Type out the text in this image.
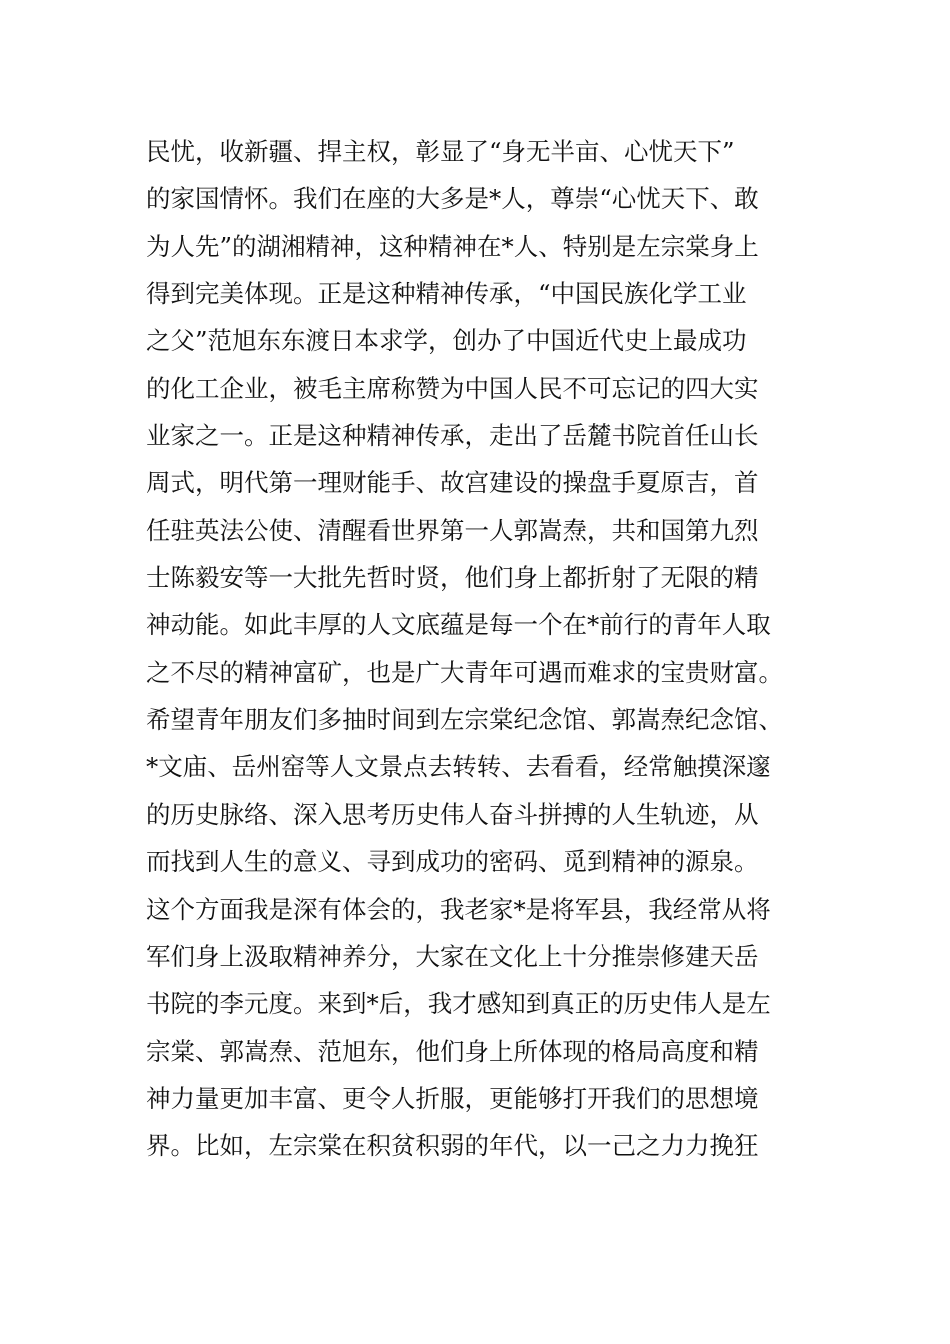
民忧，收新疆、捍主权，彰显了“身无半亩、心忧天下”
的家国情怀。我们在座的大多是*人，尊崇“心忧天下、敢
为人先”的湖湘精神，这种精神在*人、特别是左宗棠身上
得到完美体现。正是这种精神传承，“中国民族化学工业
之父”范旭东东渡日本求学，创办了中国近代史上最成功
的化工企业，被毛主席称赞为中国人民不可忘记的四大实
业家之一。正是这种精神传承，走出了岳麓书院首任山长
周式，明代第一理财能手、故宫建设的操盘手夏原吉，首
任驻英法公使、清醒看世界第一人郭嵩焘，共和国第九烈
士陈毅安等一大批先哲时贤，他们身上都折射了无限的精
神动能。如此丰厚的人文底蕴是每一个在*前行的青年人取
之不尽的精神富矿，也是广大青年可遇而难求的宝贵财富。
希望青年朋友们多抽时间到左宗棠纪念馆、郭嵩焘纪念馆、
*文庙、岳州窑等人文景点去转转、去看看，经常触摸深邃
的历史脉络、深入思考历史伟人奋斗拼搏的人生轨迹，从
而找到人生的意义、寻到成功的密码、觅到精神的源泉。
这个方面我是深有体会的，我老家*是将军县，我经常从将
军们身上汲取精神养分，大家在文化上十分推崇修建天岳
书院的李元度。来到*后，我才感知到真正的历史伟人是左
宗棠、郭嵩焘、范旭东，他们身上所体现的格局高度和精
神力量更加丰富、更令人折服，更能够打开我们的思想境
界。比如，左宗棠在积贫积弱的年代，以一己之力力挽狂
